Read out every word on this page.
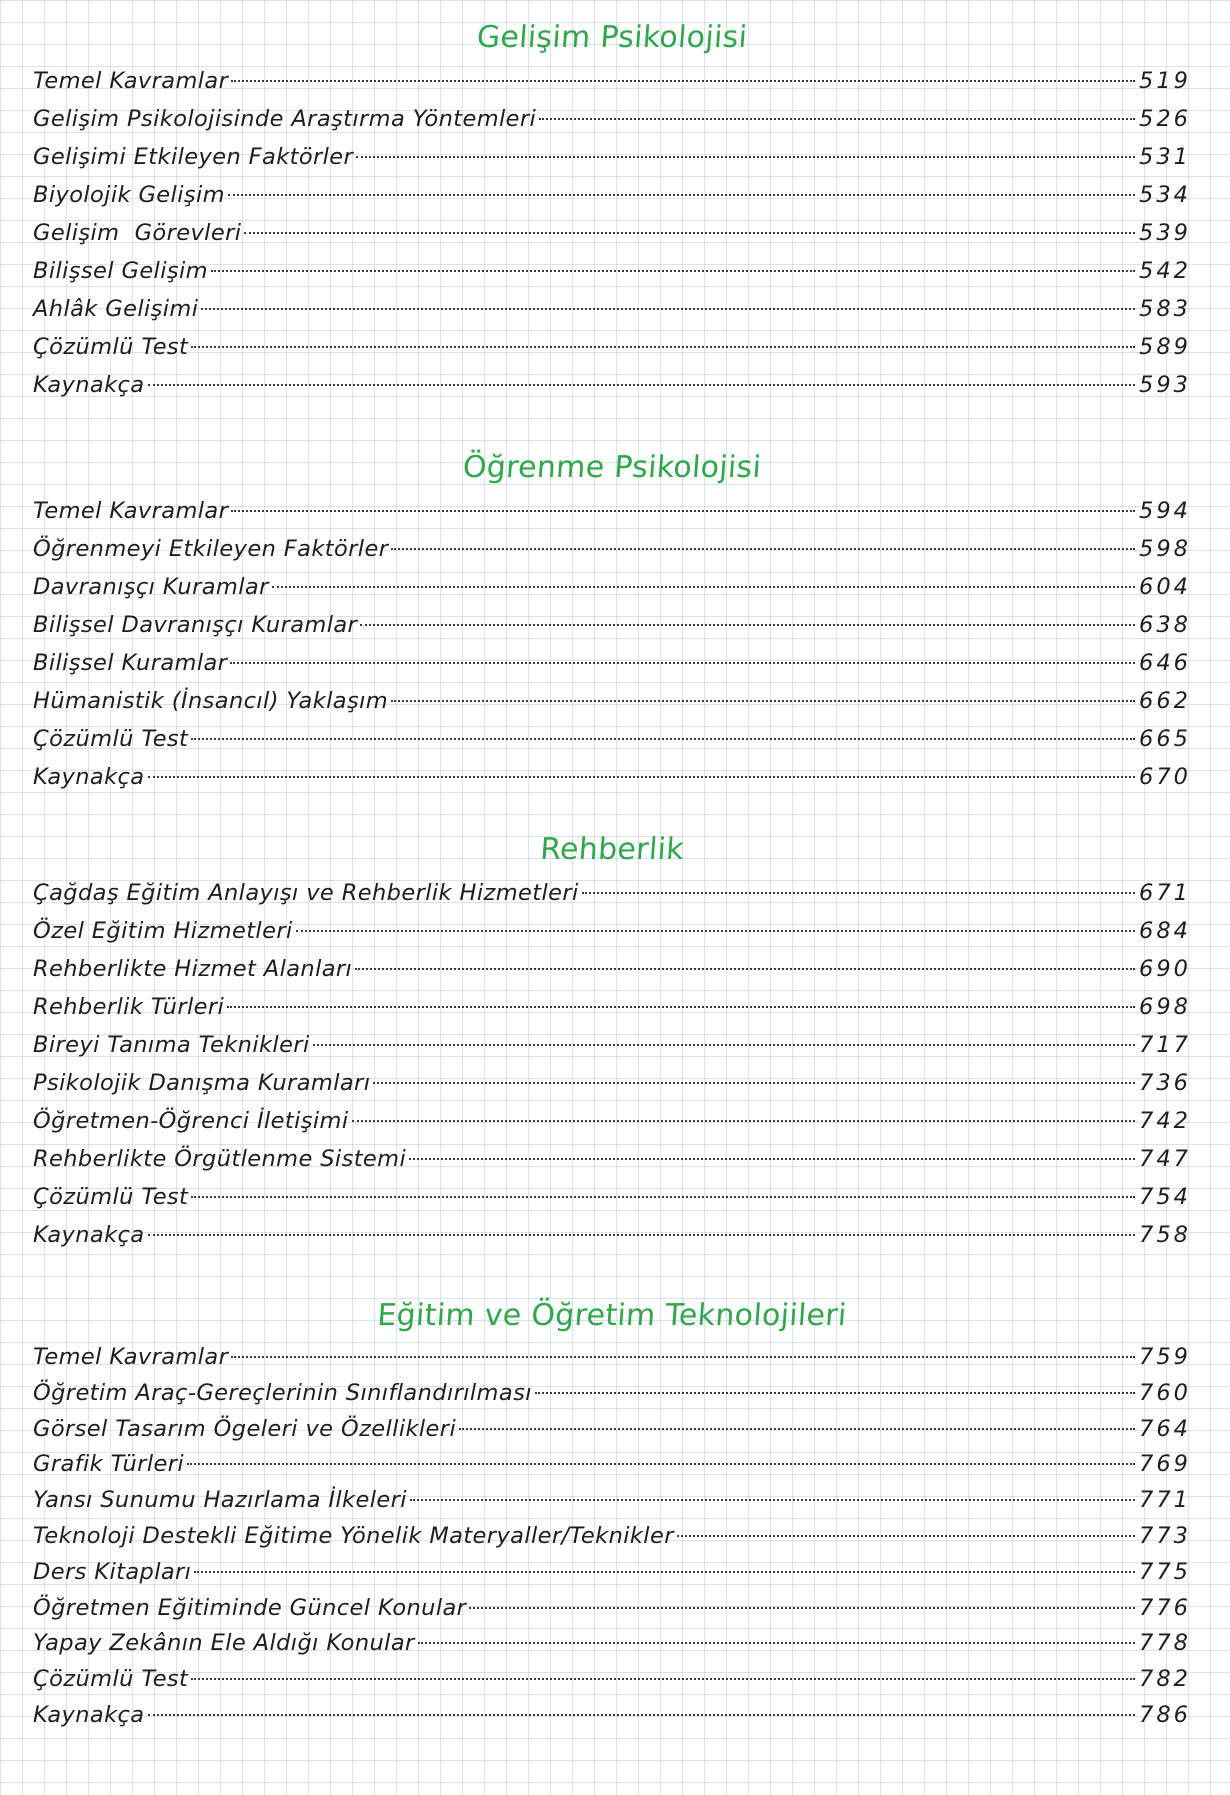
Gelişim Psikolojisi
Temel Kavramlar	519
Gelişim Psikolojisinde Araştırma Yöntemleri	526
Gelişimi Etkileyen Faktörler	531
Biyolojik Gelişim	534
Gelişim  Görevleri	539
Bilişsel Gelişim	542
Ahlâk Gelişimi	583
Çözümlü Test	589
Kaynakça	593
Öğrenme Psikolojisi
Temel Kavramlar	594
Öğrenmeyi Etkileyen Faktörler	598
Davranışçı Kuramlar	604
Bilişsel Davranışçı Kuramlar	638
Bilişsel Kuramlar	646
Hümanistik (İnsancıl) Yaklaşım	662
Çözümlü Test	665
Kaynakça	670
Rehberlik
Çağdaş Eğitim Anlayışı ve Rehberlik Hizmetleri	671
Özel Eğitim Hizmetleri	684
Rehberlikte Hizmet Alanları	690
Rehberlik Türleri	698
Bireyi Tanıma Teknikleri	717
Psikolojik Danışma Kuramları	736
Öğretmen-Öğrenci İletişimi	742
Rehberlikte Örgütlenme Sistemi	747
Çözümlü Test	754
Kaynakça	758
Eğitim ve Öğretim Teknolojileri
Temel Kavramlar	759
Öğretim Araç-Gereçlerinin Sınıflandırılması	760
Görsel Tasarım Ögeleri ve Özellikleri	764
Grafik Türleri	769
Yansı Sunumu Hazırlama İlkeleri	771
Teknoloji Destekli Eğitime Yönelik Materyaller/Teknikler	773
Ders Kitapları	775
Öğretmen Eğitiminde Güncel Konular	776
Yapay Zekânın Ele Aldığı Konular	778
Çözümlü Test	782
Kaynakça	786
